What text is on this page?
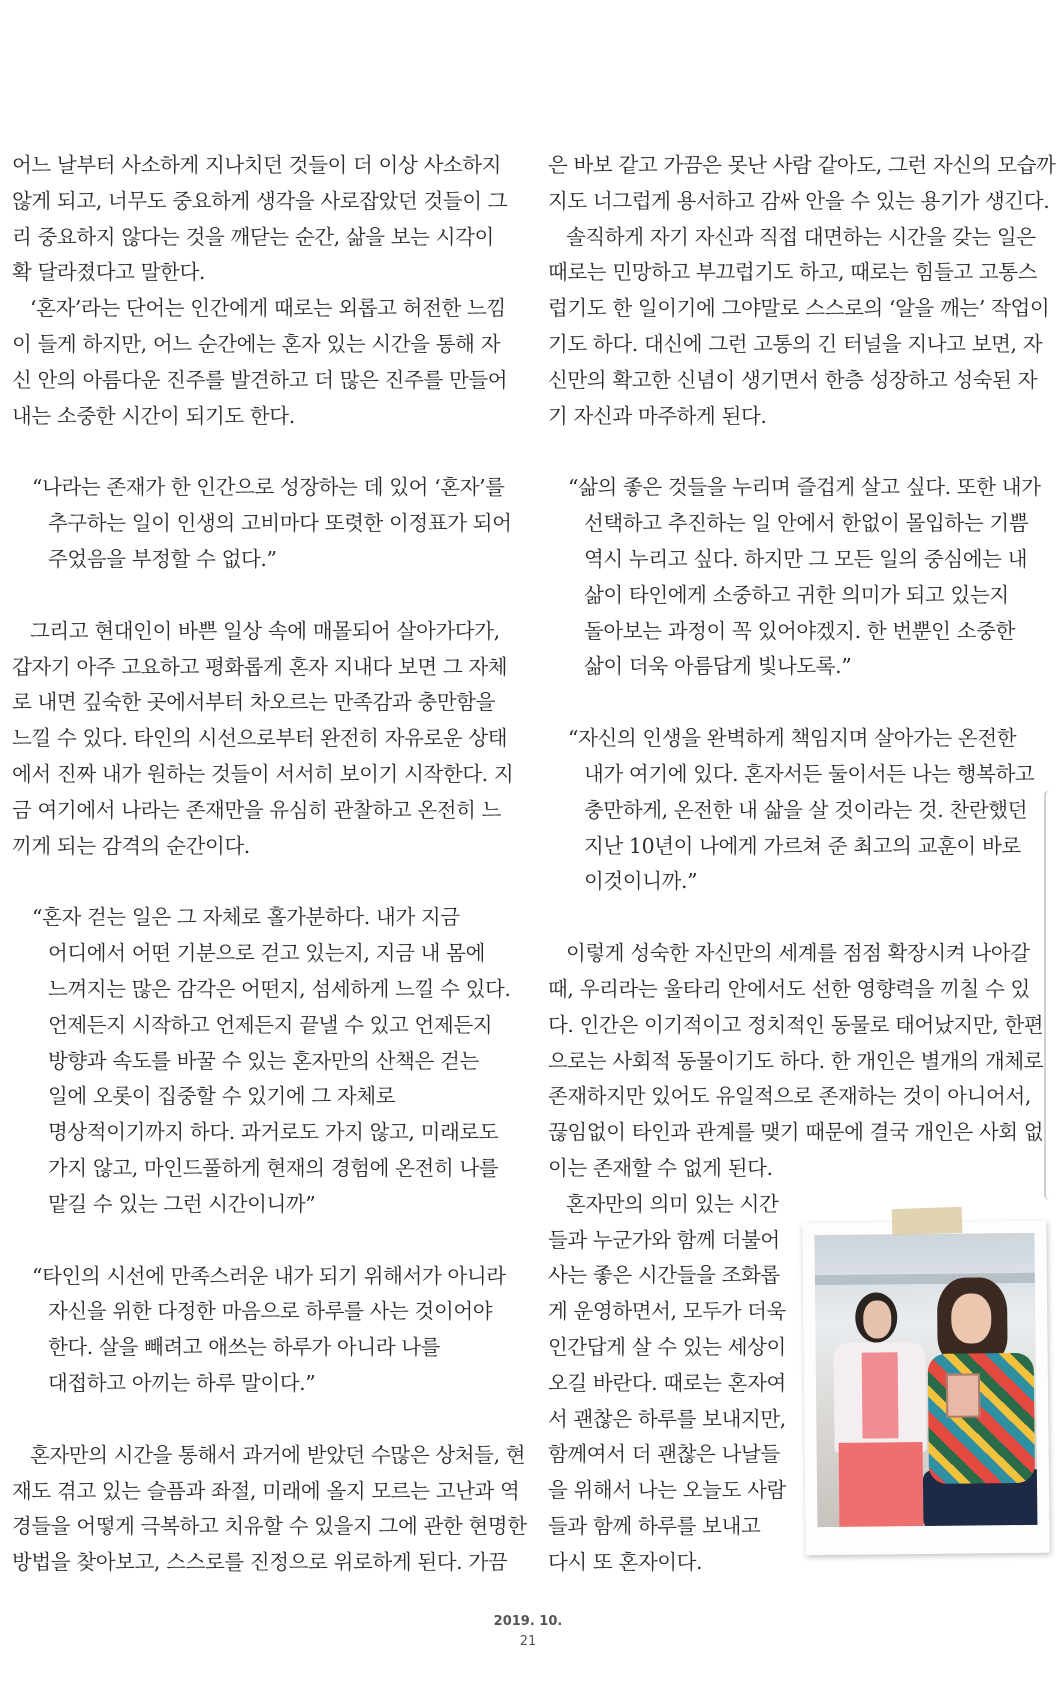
어느 날부터 사소하게 지나치던 것들이 더 이상 사소하지
않게 되고, 너무도 중요하게 생각을 사로잡았던 것들이 그
리 중요하지 않다는 것을 깨닫는 순간, 삶을 보는 시각이
확 달라졌다고 말한다.
‘혼자’라는 단어는 인간에게 때로는 외롭고 허전한 느낌
이 들게 하지만, 어느 순간에는 혼자 있는 시간을 통해 자
신 안의 아름다운 진주를 발견하고 더 많은 진주를 만들어
내는 소중한 시간이 되기도 한다.
“나라는 존재가 한 인간으로 성장하는 데 있어 ‘혼자’를
추구하는 일이 인생의 고비마다 또렷한 이정표가 되어
주었음을 부정할 수 없다.”
그리고 현대인이 바쁜 일상 속에 매몰되어 살아가다가,
갑자기 아주 고요하고 평화롭게 혼자 지내다 보면 그 자체
로 내면 깊숙한 곳에서부터 차오르는 만족감과 충만함을
느낄 수 있다. 타인의 시선으로부터 완전히 자유로운 상태
에서 진짜 내가 원하는 것들이 서서히 보이기 시작한다. 지
금 여기에서 나라는 존재만을 유심히 관찰하고 온전히 느
끼게 되는 감격의 순간이다.
“혼자 걷는 일은 그 자체로 홀가분하다. 내가 지금
어디에서 어떤 기분으로 걷고 있는지, 지금 내 몸에
느껴지는 많은 감각은 어떤지, 섬세하게 느낄 수 있다.
언제든지 시작하고 언제든지 끝낼 수 있고 언제든지
방향과 속도를 바꿀 수 있는 혼자만의 산책은 걷는
일에 오롯이 집중할 수 있기에 그 자체로
명상적이기까지 하다. 과거로도 가지 않고, 미래로도
가지 않고, 마인드풀하게 현재의 경험에 온전히 나를
맡길 수 있는 그런 시간이니까”
“타인의 시선에 만족스러운 내가 되기 위해서가 아니라
자신을 위한 다정한 마음으로 하루를 사는 것이어야
한다. 살을 빼려고 애쓰는 하루가 아니라 나를
대접하고 아끼는 하루 말이다.”
혼자만의 시간을 통해서 과거에 받았던 수많은 상처들, 현
재도 겪고 있는 슬픔과 좌절, 미래에 올지 모르는 고난과 역
경들을 어떻게 극복하고 치유할 수 있을지 그에 관한 현명한
방법을 찾아보고, 스스로를 진정으로 위로하게 된다. 가끔
은 바보 같고 가끔은 못난 사람 같아도, 그런 자신의 모습까
지도 너그럽게 용서하고 감싸 안을 수 있는 용기가 생긴다.
솔직하게 자기 자신과 직접 대면하는 시간을 갖는 일은
때로는 민망하고 부끄럽기도 하고, 때로는 힘들고 고통스
럽기도 한 일이기에 그야말로 스스로의 ‘알을 깨는’ 작업이
기도 하다. 대신에 그런 고통의 긴 터널을 지나고 보면, 자
신만의 확고한 신념이 생기면서 한층 성장하고 성숙된 자
기 자신과 마주하게 된다.
“삶의 좋은 것들을 누리며 즐겁게 살고 싶다. 또한 내가
선택하고 추진하는 일 안에서 한없이 몰입하는 기쁨
역시 누리고 싶다. 하지만 그 모든 일의 중심에는 내
삶이 타인에게 소중하고 귀한 의미가 되고 있는지
돌아보는 과정이 꼭 있어야겠지. 한 번뿐인 소중한
삶이 더욱 아름답게 빛나도록.”
“자신의 인생을 완벽하게 책임지며 살아가는 온전한
내가 여기에 있다. 혼자서든 둘이서든 나는 행복하고
충만하게, 온전한 내 삶을 살 것이라는 것. 찬란했던
지난 10년이 나에게 가르쳐 준 최고의 교훈이 바로
이것이니까.”
이렇게 성숙한 자신만의 세계를 점점 확장시켜 나아갈
때, 우리라는 울타리 안에서도 선한 영향력을 끼칠 수 있
다. 인간은 이기적이고 정치적인 동물로 태어났지만, 한편
으로는 사회적 동물이기도 하다. 한 개인은 별개의 개체로
존재하지만 있어도 유일적으로 존재하는 것이 아니어서,
끊임없이 타인과 관계를 맺기 때문에 결국 개인은 사회 없
이는 존재할 수 없게 된다.
혼자만의 의미 있는 시간
들과 누군가와 함께 더불어
사는 좋은 시간들을 조화롭
게 운영하면서, 모두가 더욱
인간답게 살 수 있는 세상이
오길 바란다. 때로는 혼자여
서 괜찮은 하루를 보내지만,
함께여서 더 괜찮은 나날들
을 위해서 나는 오늘도 사람
들과 함께 하루를 보내고
다시 또 혼자이다.
2019. 10.
21
